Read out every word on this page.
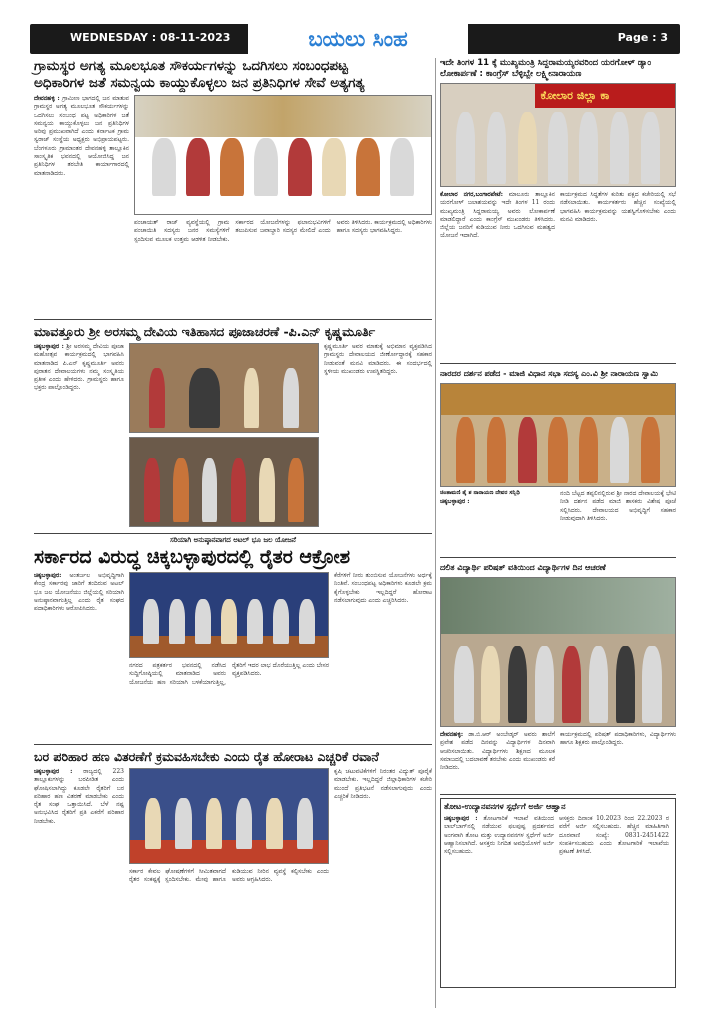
WEDNESDAY : 08-11-2023	ಬಯಲು ಸಿಂಹ	Page : 3
ಗ್ರಾಮಸ್ಥರ ಅಗತ್ಯ ಮೂಲಭೂತ ಸೌಕರ್ಯಗಳನ್ನು ಒದಗಿಸಲು ಸಂಬಂಧಪಟ್ಟ
ಅಧಿಕಾರಿಗಳ ಜತೆ ಸಮನ್ವಯ ಕಾಯ್ದುಕೊಳ್ಳಲು ಜನ ಪ್ರತಿನಿಧಿಗಳ ಸೇವೆ ಅತ್ಯಗತ್ಯ
ದೇವನಹಳ್ಳಿ : ಗ್ರಾಮೀಣ ಭಾಗದಲ್ಲಿ ಜನ ಮಾತುವ ಗ್ರಾಮಸ್ಥರ ಅಗತ್ಯ ಮೂಲಭೂತ ಸೌಕರ್ಯಗಳನ್ನು ಒದಗಿಸಲು ಸಂಬಂಧ ಪಟ್ಟ ಅಧಿಕಾರಿಗಳ ಜತೆ ಸಮನ್ವಯ ಕಾಯ್ದುಕೊಳ್ಳಲು ಜನ ಪ್ರತಿನಿಧಿಗಳ ಅರಿವು ಪ್ರಮುಖವಾಗಿದೆ ಎಂದು ಕರ್ನಾಟಕ ಗ್ರಾಮ ಸ್ವರಾಜ್ ಸಂಸ್ಥೆಯ ಅಧ್ಯಕ್ಷರು ಅಭಿಪ್ರಾಯಪಟ್ಟರು. ಬೆಂಗಳೂರು ಗ್ರಾಮಾಂತರ ದೇವನಹಳ್ಳಿ ತಾಲ್ಲೂಕಿನ ಸಾಂಸ್ಕೃತಿಕ ಭವನದಲ್ಲಿ ಆಯೋಜಿಸಿದ್ದ ಜನ ಪ್ರತಿನಿಧಿಗಳ ತರಬೇತಿ ಕಾರ್ಯಾಗಾರದಲ್ಲಿ ಮಾತನಾಡಿದರು.
ಪಂಚಾಯತ್ ರಾಜ್ ವ್ಯವಸ್ಥೆಯಲ್ಲಿ ಗ್ರಾಮ ಪಂಚಾಯಿತಿ ಸದಸ್ಯರು ಜನರ ಸಮಸ್ಯೆಗಳಿಗೆ ಸ್ಪಂದಿಸುವ ಮೂಲಕ ಉತ್ತಮ ಆಡಳಿತ ನೀಡಬೇಕು. ಸರ್ಕಾರದ ಯೋಜನೆಗಳನ್ನು ಫಲಾನುಭವಿಗಳಿಗೆ ತಲುಪಿಸುವ ಜವಾಬ್ದಾರಿ ಸದಸ್ಯರ ಮೇಲಿದೆ ಎಂದು ಅವರು ತಿಳಿಸಿದರು. ಕಾರ್ಯಕ್ರಮದಲ್ಲಿ ಅಧಿಕಾರಿಗಳು ಹಾಗೂ ಸದಸ್ಯರು ಭಾಗವಹಿಸಿದ್ದರು.
ಮಾವತ್ತೂರು ಶ್ರೀ ಅರಸಮ್ಮ ದೇವಿಯ ಇತಿಹಾಸದ ಪೂಜಾಚರಣೆ -ಪಿ.ಎನ್ ಕೃಷ್ಣಮೂರ್ತಿ
ಚಿಕ್ಕಬಳ್ಳಾಪುರ : ಶ್ರೀ ಅರಸಮ್ಮ ದೇವಿಯ ಪೂಜಾ ಮಹೋತ್ಸವ ಕಾರ್ಯಕ್ರಮದಲ್ಲಿ ಭಾಗವಹಿಸಿ ಮಾತನಾಡಿದ ಪಿ.ಎನ್ ಕೃಷ್ಣಮೂರ್ತಿ ಅವರು ಪುರಾತನ ದೇವಾಲಯಗಳು ನಮ್ಮ ಸಂಸ್ಕೃತಿಯ ಪ್ರತೀಕ ಎಂದು ಹೇಳಿದರು. ಗ್ರಾಮಸ್ಥರು ಹಾಗೂ ಭಕ್ತರು ಪಾಲ್ಗೊಂಡಿದ್ದರು.
ಕೃಷ್ಣಮೂರ್ತಿ ಅವರ ಮಾತುಕ್ಕೆ ಅಭಿಮಾನ ವ್ಯಕ್ತಪಡಿಸಿದ ಗ್ರಾಮಸ್ಥರು ದೇವಾಲಯದ ಜೀರ್ಣೋದ್ಧಾರಕ್ಕೆ ಸಹಕಾರ ನೀಡುವಂತೆ ಮನವಿ ಮಾಡಿದರು. ಈ ಸಂದರ್ಭದಲ್ಲಿ ಸ್ಥಳೀಯ ಮುಖಂಡರು ಉಪಸ್ಥಿತರಿದ್ದರು.
ಸರಿಯಾಗಿ ಅನುಷ್ಠಾನವಾಗದ ಅಟಲ್ ಭೂ ಜಲ ಯೋಜನೆ
ಸರ್ಕಾರದ ವಿರುದ್ಧ ಚಿಕ್ಕಬಳ್ಳಾಪುರದಲ್ಲಿ ರೈತರ ಆಕ್ರೋಶ
ಚಿಕ್ಕಬಳ್ಳಾಪುರ: ಅಂತರ್ಜಲ ಅಭಿವೃದ್ಧಿಗಾಗಿ ಕೇಂದ್ರ ಸರ್ಕಾರವು ಜಾರಿಗೆ ತಂದಿರುವ ಅಟಲ್ ಭೂ ಜಲ ಯೋಜನೆಯು ಜಿಲ್ಲೆಯಲ್ಲಿ ಸರಿಯಾಗಿ ಅನುಷ್ಠಾನವಾಗುತ್ತಿಲ್ಲ ಎಂದು ರೈತ ಸಂಘದ ಪದಾಧಿಕಾರಿಗಳು ಆರೋಪಿಸಿದರು.
ನಗರದ ಪತ್ರಕರ್ತರ ಭವನದಲ್ಲಿ ನಡೆಸಿದ ಸುದ್ದಿಗೋಷ್ಠಿಯಲ್ಲಿ ಮಾತನಾಡಿದ ಅವರು ಯೋಜನೆಯ ಹಣ ಸರಿಯಾಗಿ ಬಳಕೆಯಾಗುತ್ತಿಲ್ಲ, ರೈತರಿಗೆ ಇದರ ಲಾಭ ದೊರೆಯುತ್ತಿಲ್ಲ ಎಂದು ಬೇಸರ ವ್ಯಕ್ತಪಡಿಸಿದರು.
ಕೆರೆಗಳಿಗೆ ನೀರು ತುಂಬಿಸುವ ಯೋಜನೆಗಳು ಅರ್ಧಕ್ಕೆ ನಿಂತಿವೆ. ಸಂಬಂಧಪಟ್ಟ ಅಧಿಕಾರಿಗಳು ಕೂಡಲೇ ಕ್ರಮ ಕೈಗೊಳ್ಳಬೇಕು ಇಲ್ಲದಿದ್ದರೆ ಹೋರಾಟ ನಡೆಸಲಾಗುವುದು ಎಂದು ಎಚ್ಚರಿಸಿದರು.
ಬರ ಪರಿಹಾರ ಹಣ ವಿತರಣೆಗೆ ಕ್ರಮವಹಿಸಬೇಕು ಎಂದು ರೈತ ಹೋರಾಟ ಎಚ್ಚರಿಕೆ ರವಾನೆ
ಚಿಕ್ಕಬಳ್ಳಾಪುರ : ರಾಜ್ಯದಲ್ಲಿ 223 ತಾಲ್ಲೂಕುಗಳನ್ನು ಬರಪೀಡಿತ ಎಂದು ಘೋಷಿಸಲಾಗಿದ್ದು ಕೂಡಲೇ ರೈತರಿಗೆ ಬರ ಪರಿಹಾರ ಹಣ ವಿತರಣೆ ಮಾಡಬೇಕು ಎಂದು ರೈತ ಸಂಘ ಒತ್ತಾಯಿಸಿದೆ. ಬೆಳೆ ನಷ್ಟ ಅನುಭವಿಸಿದ ರೈತರಿಗೆ ಪ್ರತಿ ಎಕರೆಗೆ ಪರಿಹಾರ ನೀಡಬೇಕು.
ಸರ್ಕಾರ ಕೇವಲ ಘೋಷಣೆಗಳಿಗೆ ಸೀಮಿತವಾಗದೆ ರೈತರ ಸಂಕಷ್ಟಕ್ಕೆ ಸ್ಪಂದಿಸಬೇಕು. ಮೇವು ಹಾಗೂ ಕುಡಿಯುವ ನೀರಿನ ವ್ಯವಸ್ಥೆ ಕಲ್ಪಿಸಬೇಕು ಎಂದು ಅವರು ಆಗ್ರಹಿಸಿದರು.
ಕೃಷಿ ಚಟುವಟಿಕೆಗಳಿಗೆ ನಿರಂತರ ವಿದ್ಯುತ್ ಪೂರೈಕೆ ಮಾಡಬೇಕು. ಇಲ್ಲದಿದ್ದರೆ ಜಿಲ್ಲಾಧಿಕಾರಿಗಳ ಕಚೇರಿ ಮುಂದೆ ಪ್ರತಿಭಟನೆ ನಡೆಸಲಾಗುವುದು ಎಂದು ಎಚ್ಚರಿಕೆ ನೀಡಿದರು.
ಇದೇ ತಿಂಗಳ 11 ಕ್ಕೆ ಮುಖ್ಯಮಂತ್ರಿ ಸಿದ್ದರಾಮಯ್ಯರವರಿಂದ ಯರಗೋಳ್ ಡ್ಯಾಂ ಲೋಕಾರ್ಪಣೆ : ಕಾಂಗ್ರೆಸ್ ಬೆಳ್ಳಿಬ್ಬೇ ಲಕ್ಷ್ಮೀನಾರಾಯಣ
ಕೋಲಾರ ಜಿಲ್ಲಾ ಕಾ
ಕೋಲಾರ ನಗರ,ಬಂಗಾರಪೇಟೆ: ಮಾಲೂರು ತಾಲ್ಲೂಕಿನ ಯರಗೋಳ್ ಜಲಾಶಯವನ್ನು ಇದೇ ತಿಂಗಳ 11 ರಂದು ಮುಖ್ಯಮಂತ್ರಿ ಸಿದ್ದರಾಮಯ್ಯ ಅವರು ಲೋಕಾರ್ಪಣೆ ಮಾಡಲಿದ್ದಾರೆ ಎಂದು ಕಾಂಗ್ರೆಸ್ ಮುಖಂಡರು ತಿಳಿಸಿದರು. ಜಿಲ್ಲೆಯ ಜನರಿಗೆ ಕುಡಿಯುವ ನೀರು ಒದಗಿಸುವ ಮಹತ್ವದ ಯೋಜನೆ ಇದಾಗಿದೆ.
ಕಾರ್ಯಕ್ರಮದ ಸಿದ್ಧತೆಗಳ ಕುರಿತು ಪಕ್ಷದ ಕಚೇರಿಯಲ್ಲಿ ಸಭೆ ನಡೆಸಲಾಯಿತು. ಕಾರ್ಯಕರ್ತರು ಹೆಚ್ಚಿನ ಸಂಖ್ಯೆಯಲ್ಲಿ ಭಾಗವಹಿಸಿ ಕಾರ್ಯಕ್ರಮವನ್ನು ಯಶಸ್ವಿಗೊಳಿಸಬೇಕು ಎಂದು ಮನವಿ ಮಾಡಿದರು.
ನಾರದರ ದರ್ಶನ ಪಡೆದ - ಮಾಜಿ ವಿಧಾನ ಸಭಾ ಸದಸ್ಯ ಎಂ.ವಿ ಶ್ರೀ ನಾರಾಯಣ ಸ್ವಾಮಿ
ಚಿಂತಾಮಣಿ ತೈ ಶ ನಾರಾಯಣ ದೇವರ ಸನ್ನಿಧಿ
ಚಿಕ್ಕಬಳ್ಳಾಪುರ :
ನಂದಿ ಬೆಟ್ಟದ ತಪ್ಪಲಿನಲ್ಲಿರುವ ಶ್ರೀ ನಾರದ ದೇವಾಲಯಕ್ಕೆ ಭೇಟಿ ನೀಡಿ ದರ್ಶನ ಪಡೆದ ಮಾಜಿ ಶಾಸಕರು ವಿಶೇಷ ಪೂಜೆ ಸಲ್ಲಿಸಿದರು. ದೇವಾಲಯದ ಅಭಿವೃದ್ಧಿಗೆ ಸಹಕಾರ ನೀಡುವುದಾಗಿ ತಿಳಿಸಿದರು.
ದಲಿತ ವಿದ್ಯಾರ್ಥಿ ಪರಿಷತ್ ವತಿಯಿಂದ ವಿದ್ಯಾರ್ಥಿಗಳ ದಿನ ಆಚರಣೆ
ದೇವನಹಳ್ಳಿ: ಡಾ.ಬಿ.ಆರ್ ಅಂಬೇಡ್ಕರ್ ಅವರು ಶಾಲೆಗೆ ಪ್ರವೇಶ ಪಡೆದ ದಿನವನ್ನು ವಿದ್ಯಾರ್ಥಿಗಳ ದಿನವಾಗಿ ಆಚರಿಸಲಾಯಿತು. ವಿದ್ಯಾರ್ಥಿಗಳು ಶಿಕ್ಷಣದ ಮೂಲಕ ಸಮಾಜದಲ್ಲಿ ಬದಲಾವಣೆ ತರಬೇಕು ಎಂದು ಮುಖಂಡರು ಕರೆ ನೀಡಿದರು.
ಕಾರ್ಯಕ್ರಮದಲ್ಲಿ ಪರಿಷತ್ ಪದಾಧಿಕಾರಿಗಳು, ವಿದ್ಯಾರ್ಥಿಗಳು ಹಾಗೂ ಶಿಕ್ಷಕರು ಪಾಲ್ಗೊಂಡಿದ್ದರು.
ತೋಟ-ಉದ್ಯಾನವನಗಳ ಸ್ಪರ್ಧೆಗೆ ಅರ್ಜಿ ಆಹ್ವಾನ
ಚಿಕ್ಕಬಳ್ಳಾಪುರ : ತೋಟಗಾರಿಕೆ ಇಲಾಖೆ ವತಿಯಿಂದ ಲಾಲ್‌ಬಾಗ್‌ನಲ್ಲಿ ನಡೆಯುವ ಫಲಪುಷ್ಪ ಪ್ರದರ್ಶನದ ಅಂಗವಾಗಿ ತೋಟ ಮತ್ತು ಉದ್ಯಾನವನಗಳ ಸ್ಪರ್ಧೆಗೆ ಅರ್ಜಿ ಆಹ್ವಾನಿಸಲಾಗಿದೆ. ಆಸಕ್ತರು ನಿಗದಿತ ಅವಧಿಯೊಳಗೆ ಅರ್ಜಿ ಸಲ್ಲಿಸಬಹುದು.
ಆಸಕ್ತರು ದಿನಾಂಕ 10.2023 ರಿಂದ 22.2023 ರ ವರೆಗೆ ಅರ್ಜಿ ಸಲ್ಲಿಸಬಹುದು. ಹೆಚ್ಚಿನ ಮಾಹಿತಿಗಾಗಿ ದೂರವಾಣಿ ಸಂಖ್ಯೆ: 0831-2451422 ಸಂಪರ್ಕಿಸಬಹುದು ಎಂದು ತೋಟಗಾರಿಕೆ ಇಲಾಖೆಯ ಪ್ರಕಟಣೆ ತಿಳಿಸಿದೆ.
